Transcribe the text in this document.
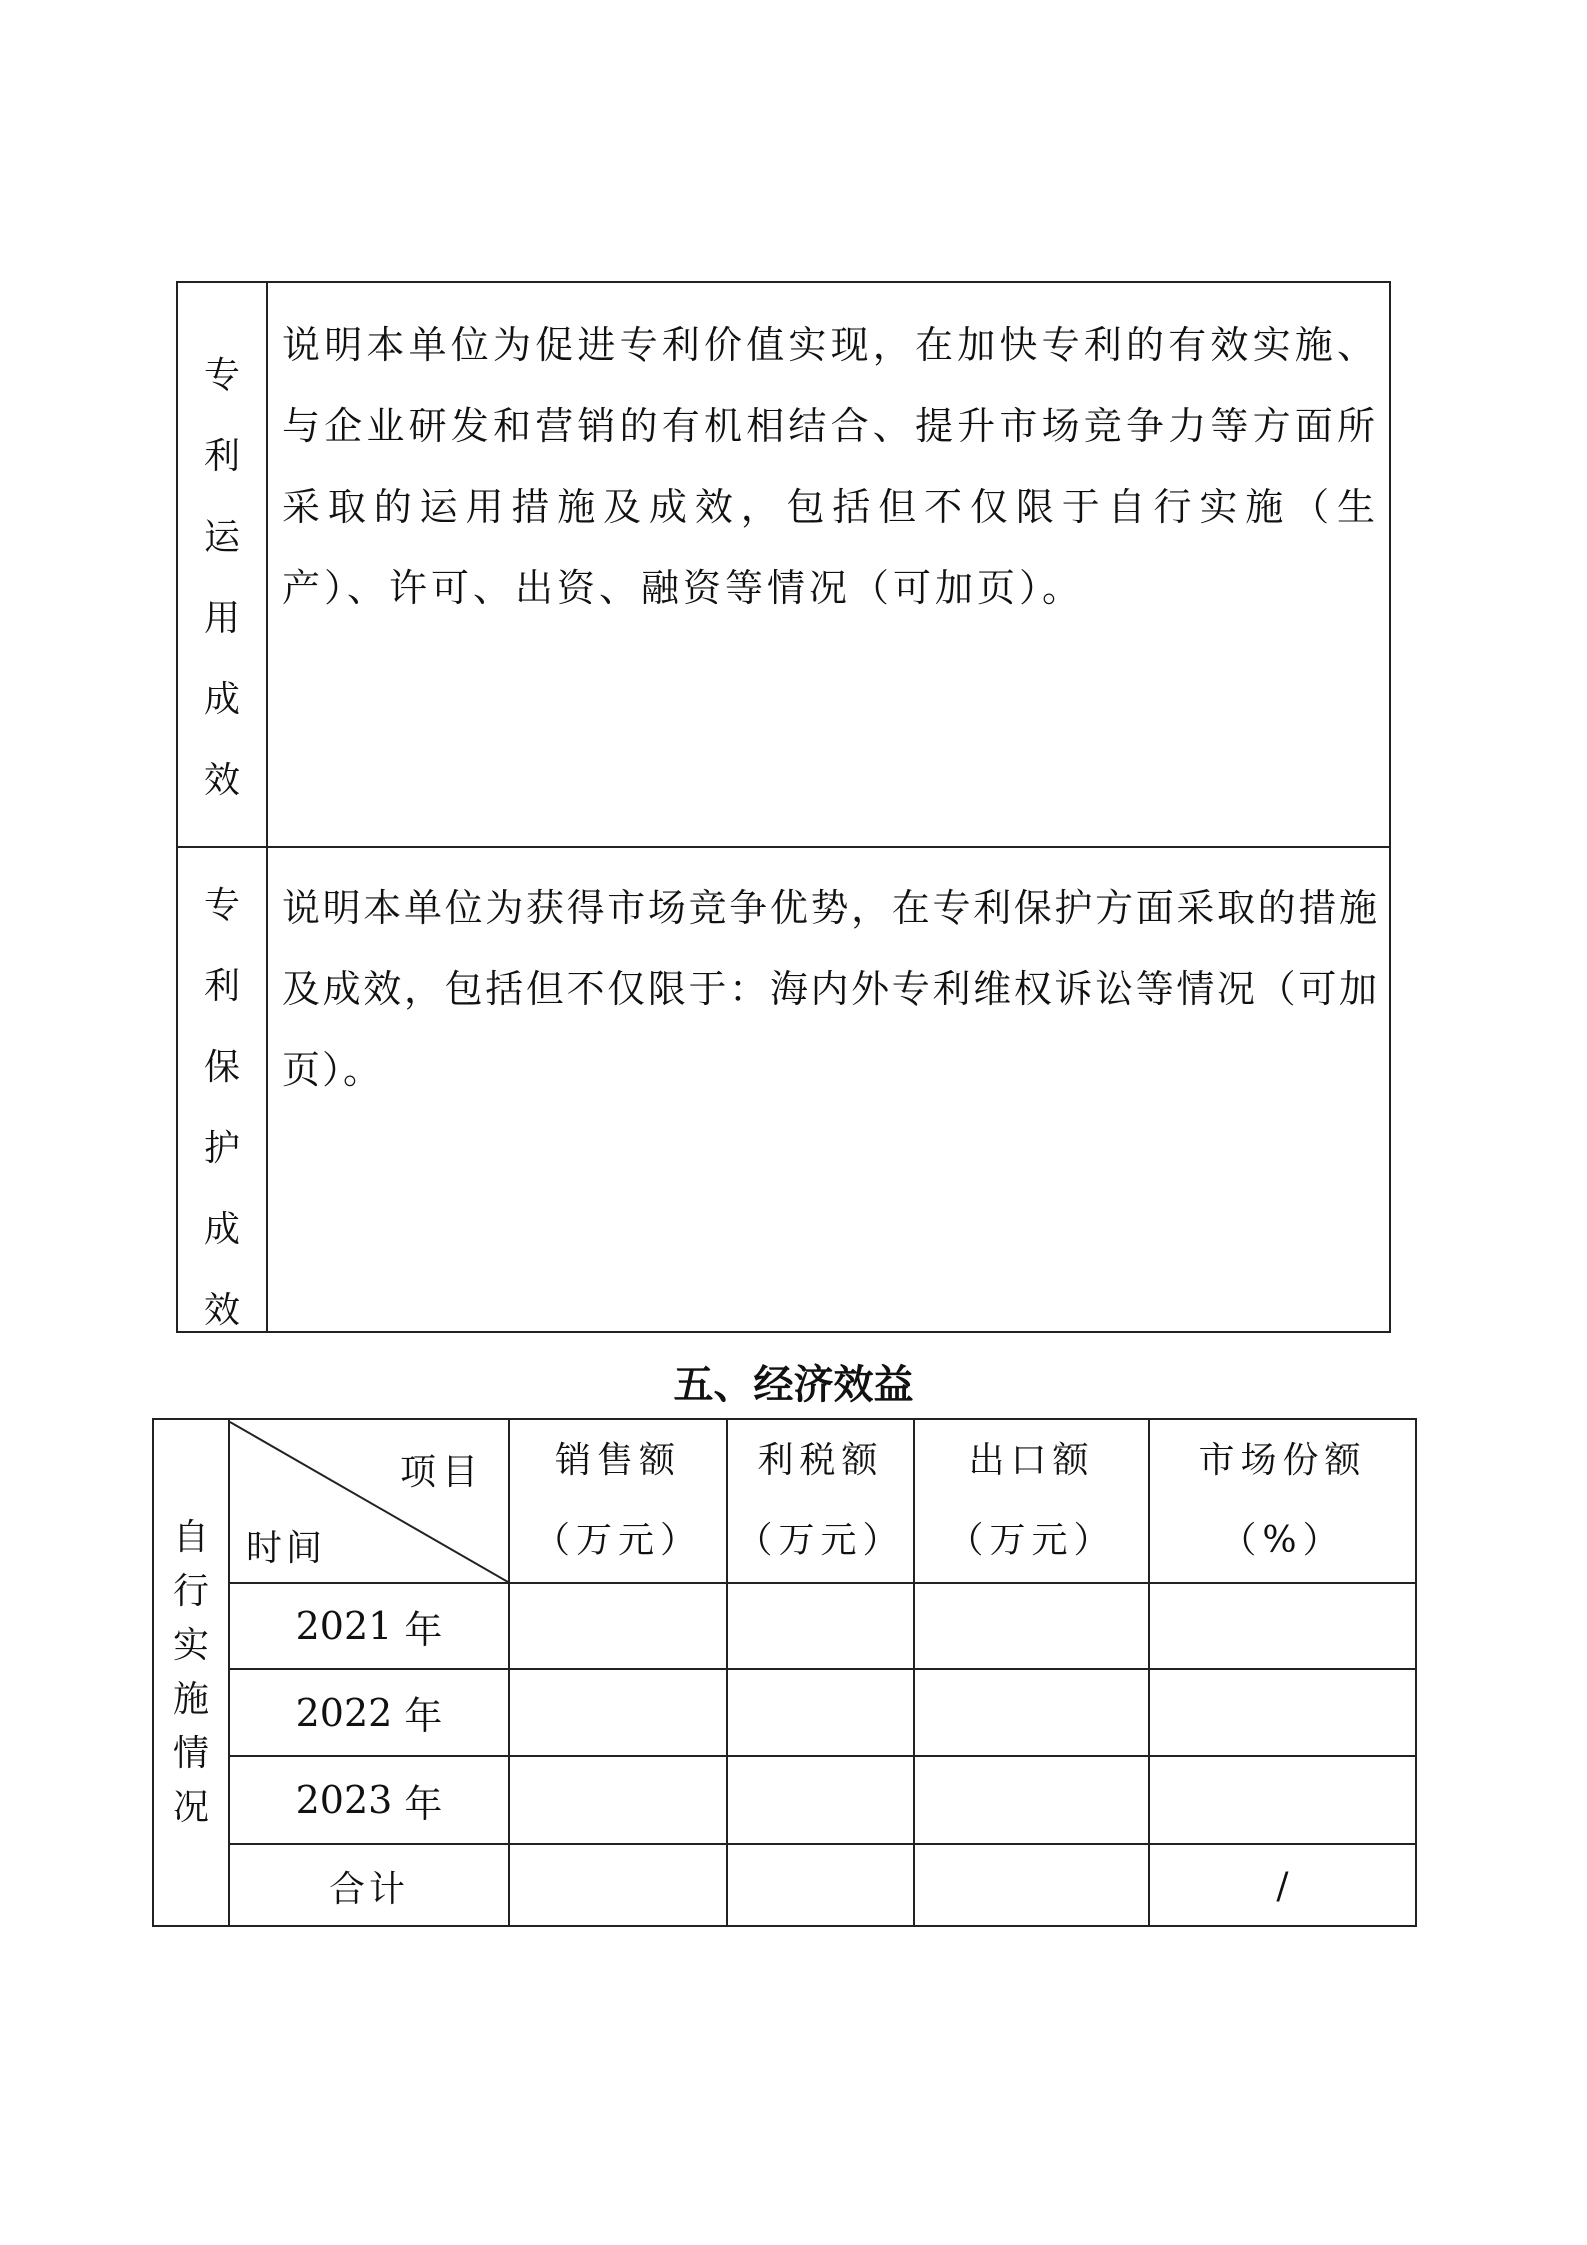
专
利
运
用
成
效
说明本单位为促进专利价值实现，在加快专利的有效实施、与企业研发和营销的有机相结合、提升市场竞争力等方面所采取的运用措施及成效，包括但不仅限于自行实施（生产）、许可、出资、融资等情况（可加页）。
专
利
保
护
成
效
说明本单位为获得市场竞争优势，在专利保护方面采取的措施及成效，包括但不仅限于：海内外专利维权诉讼等情况（可加页）。
五、经济效益
自
行
实
施
情
况
项目
时间
销售额
（万元）
利税额
（万元）
出口额
（万元）
市场份额
（%）
2021 年
2022 年
2023 年
合计	/
